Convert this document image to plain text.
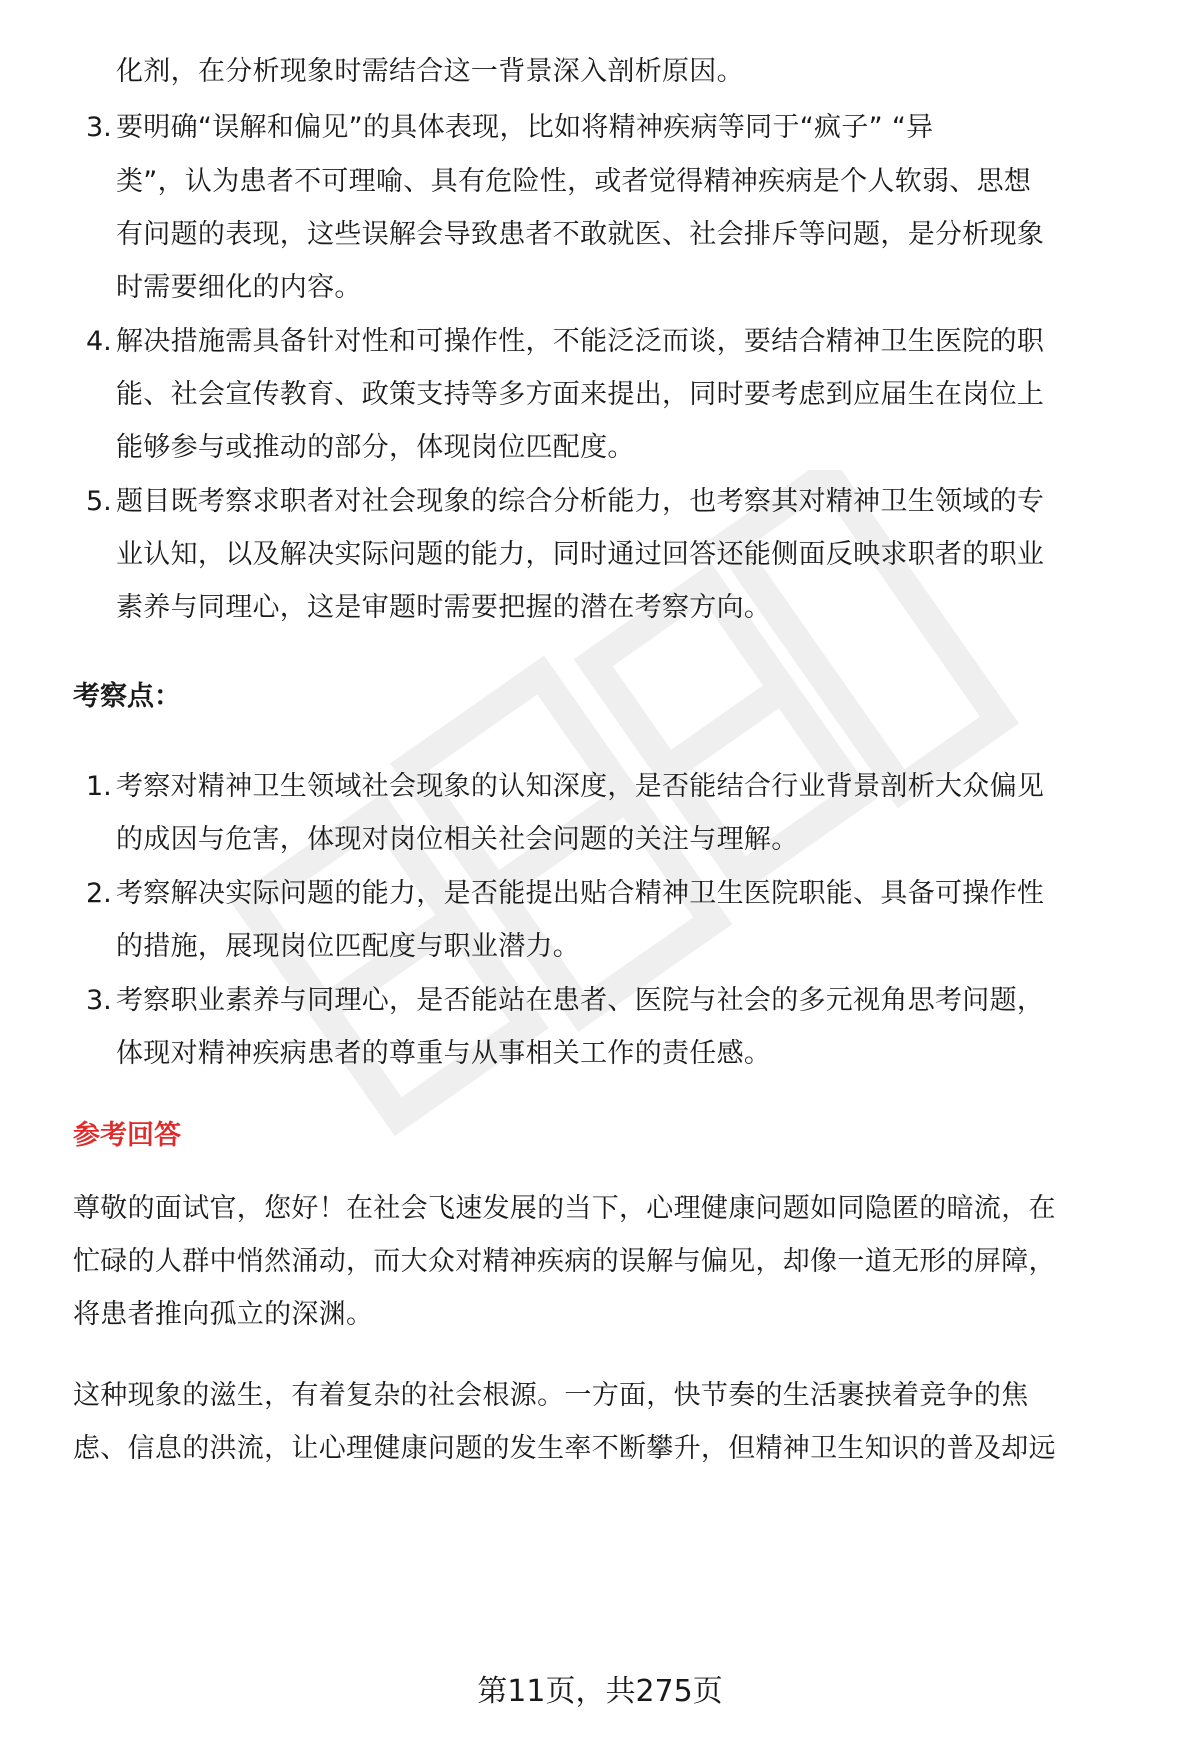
化剂，在分析现象时需结合这一背景深入剖析原因。
3. 要明确“误解和偏见”的具体表现，比如将精神疾病等同于“疯子” “异
类”，认为患者不可理喻、具有危险性，或者觉得精神疾病是个人软弱、思想
有问题的表现，这些误解会导致患者不敢就医、社会排斥等问题，是分析现象
时需要细化的内容。
4. 解决措施需具备针对性和可操作性，不能泛泛而谈，要结合精神卫生医院的职
能、社会宣传教育、政策支持等多方面来提出，同时要考虑到应届生在岗位上
能够参与或推动的部分，体现岗位匹配度。
5. 题目既考察求职者对社会现象的综合分析能力，也考察其对精神卫生领域的专
业认知，以及解决实际问题的能力，同时通过回答还能侧面反映求职者的职业
素养与同理心，这是审题时需要把握的潜在考察方向。
考察点：
1. 考察对精神卫生领域社会现象的认知深度，是否能结合行业背景剖析大众偏见
的成因与危害，体现对岗位相关社会问题的关注与理解。
2. 考察解决实际问题的能力，是否能提出贴合精神卫生医院职能、具备可操作性
的措施，展现岗位匹配度与职业潜力。
3. 考察职业素养与同理心，是否能站在患者、医院与社会的多元视角思考问题，
体现对精神疾病患者的尊重与从事相关工作的责任感。
参考回答
尊敬的面试官，您好！在社会飞速发展的当下，心理健康问题如同隐匿的暗流，在
忙碌的人群中悄然涌动，而大众对精神疾病的误解与偏见，却像一道无形的屏障，
将患者推向孤立的深渊。
这种现象的滋生，有着复杂的社会根源。一方面，快节奏的生活裹挟着竞争的焦
虑、信息的洪流，让心理健康问题的发生率不断攀升，但精神卫生知识的普及却远
第11页，共275页
